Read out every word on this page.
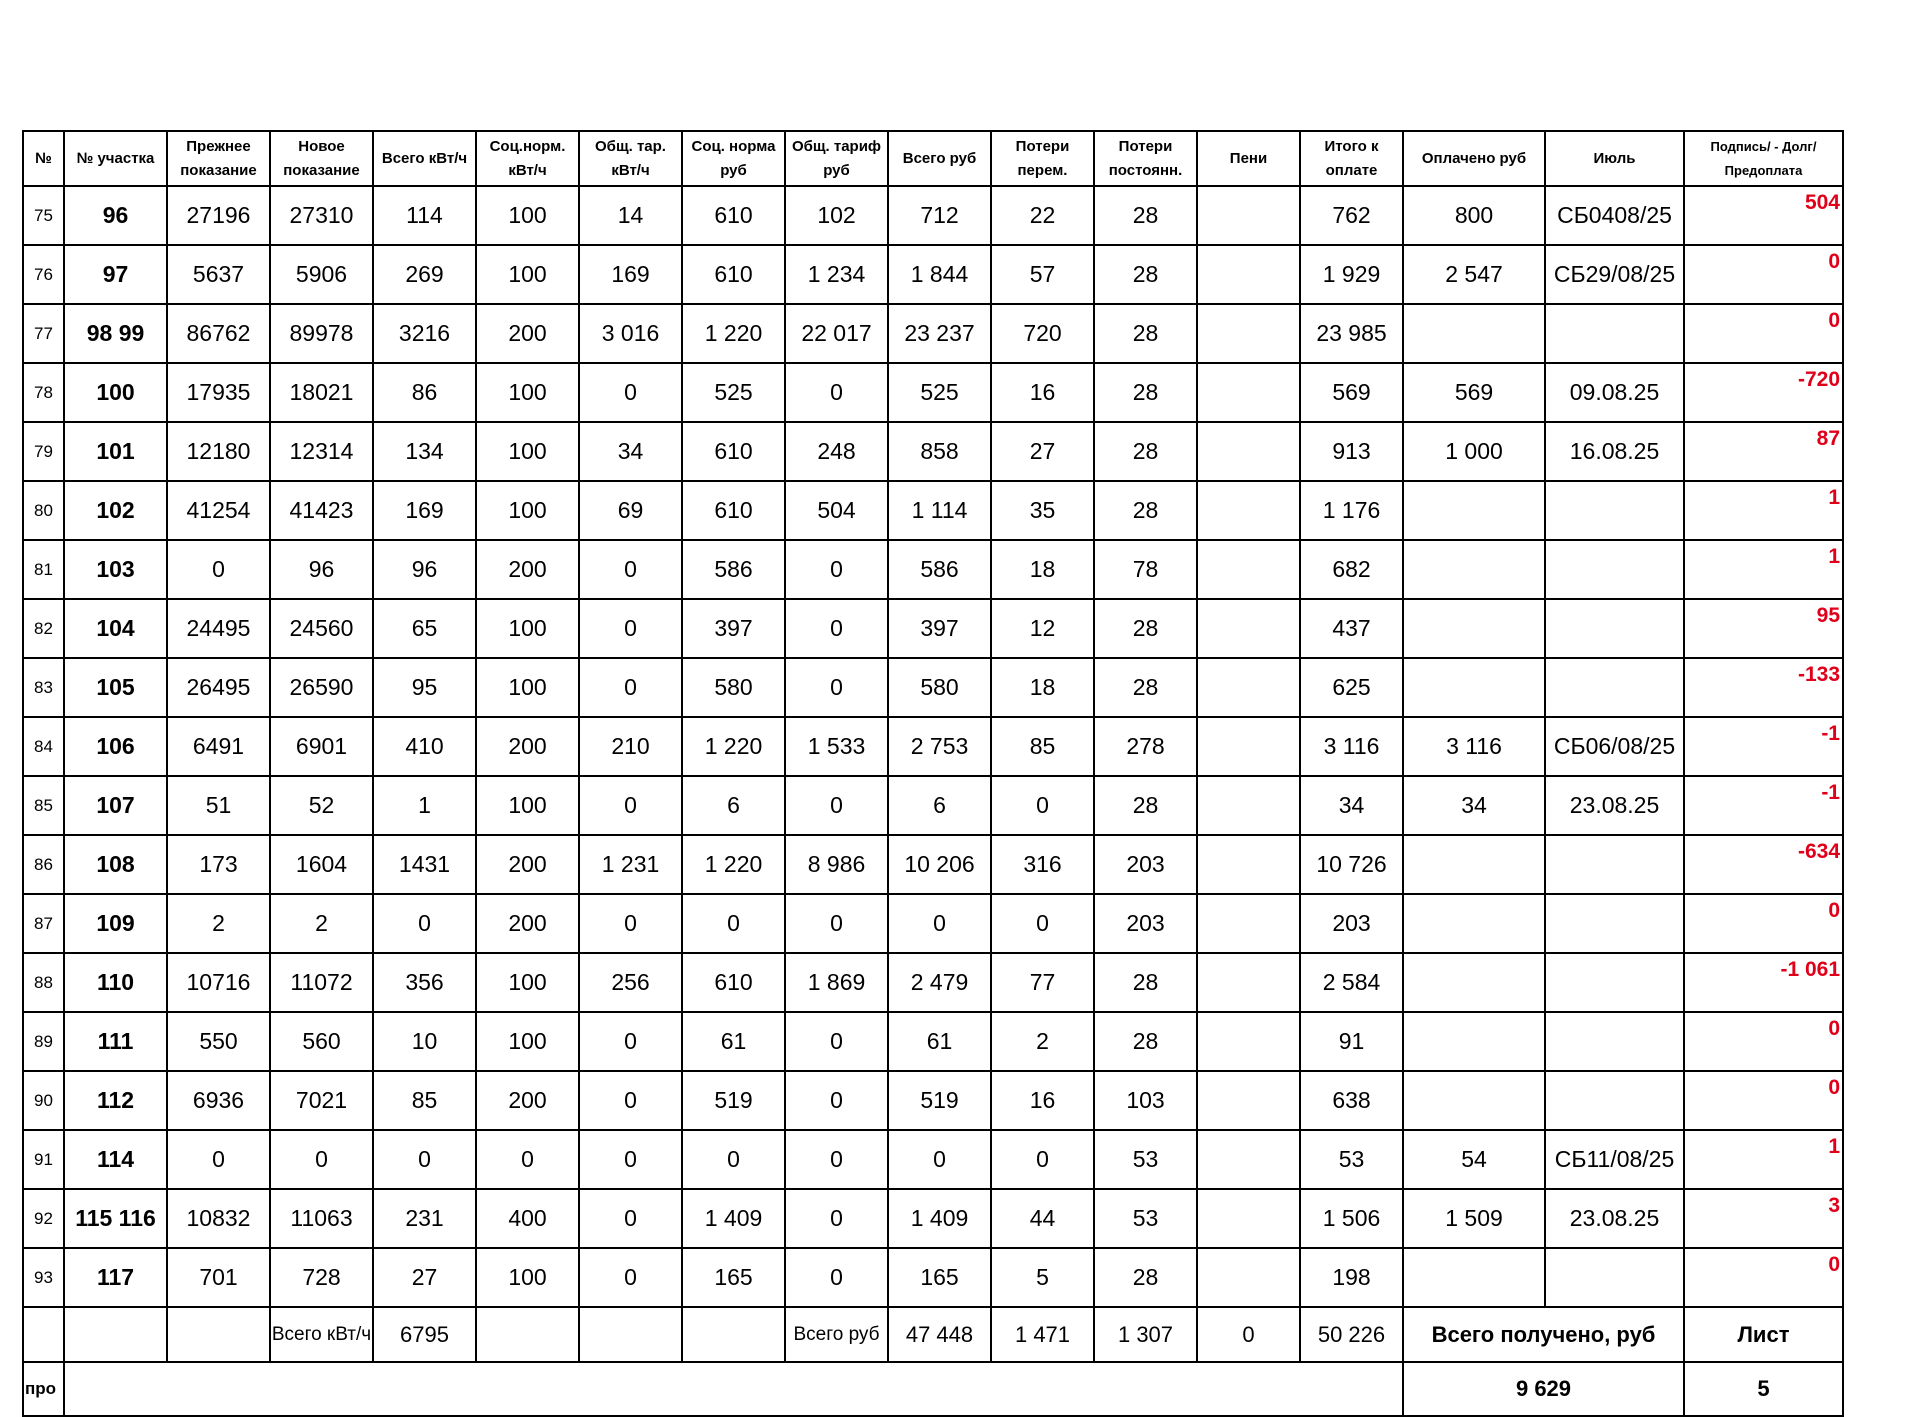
№	№ участка	Прежнее показание	Новое показание	Всего кВт/ч	Соц.норм. кВт/ч	Общ. тар. кВт/ч	Соц. норма руб	Общ. тариф руб	Всего руб	Потери перем.	Потери постоянн.	Пени	Итого к оплате	Оплачено руб	Июль	Подпись/ - Долг/Предоплата
75	96	27196	27310	114	100	14	610	102	712	22	28		762	800	СБ0408/25	504
76	97	5637	5906	269	100	169	610	1 234	1 844	57	28		1 929	2 547	СБ29/08/25	0
77	98 99	86762	89978	3216	200	3 016	1 220	22 017	23 237	720	28		23 985			0
78	100	17935	18021	86	100	0	525	0	525	16	28		569	569	09.08.25	-720
79	101	12180	12314	134	100	34	610	248	858	27	28		913	1 000	16.08.25	87
80	102	41254	41423	169	100	69	610	504	1 114	35	28		1 176			1
81	103	0	96	96	200	0	586	0	586	18	78		682			1
82	104	24495	24560	65	100	0	397	0	397	12	28		437			95
83	105	26495	26590	95	100	0	580	0	580	18	28		625			-133
84	106	6491	6901	410	200	210	1 220	1 533	2 753	85	278		3 116	3 116	СБ06/08/25	-1
85	107	51	52	1	100	0	6	0	6	0	28		34	34	23.08.25	-1
86	108	173	1604	1431	200	1 231	1 220	8 986	10 206	316	203		10 726			-634
87	109	2	2	0	200	0	0	0	0	0	203		203			0
88	110	10716	11072	356	100	256	610	1 869	2 479	77	28		2 584			-1 061
89	111	550	560	10	100	0	61	0	61	2	28		91			0
90	112	6936	7021	85	200	0	519	0	519	16	103		638			0
91	114	0	0	0	0	0	0	0	0	0	53		53	54	СБ11/08/25	1
92	115 116	10832	11063	231	400	0	1 409	0	1 409	44	53		1 506	1 509	23.08.25	3
93	117	701	728	27	100	0	165	0	165	5	28		198			0
			Всего кВт/ч	6795				Всего руб	47 448	1 471	1 307	0	50 226	Всего получено, руб		Лист
про														9 629		5
